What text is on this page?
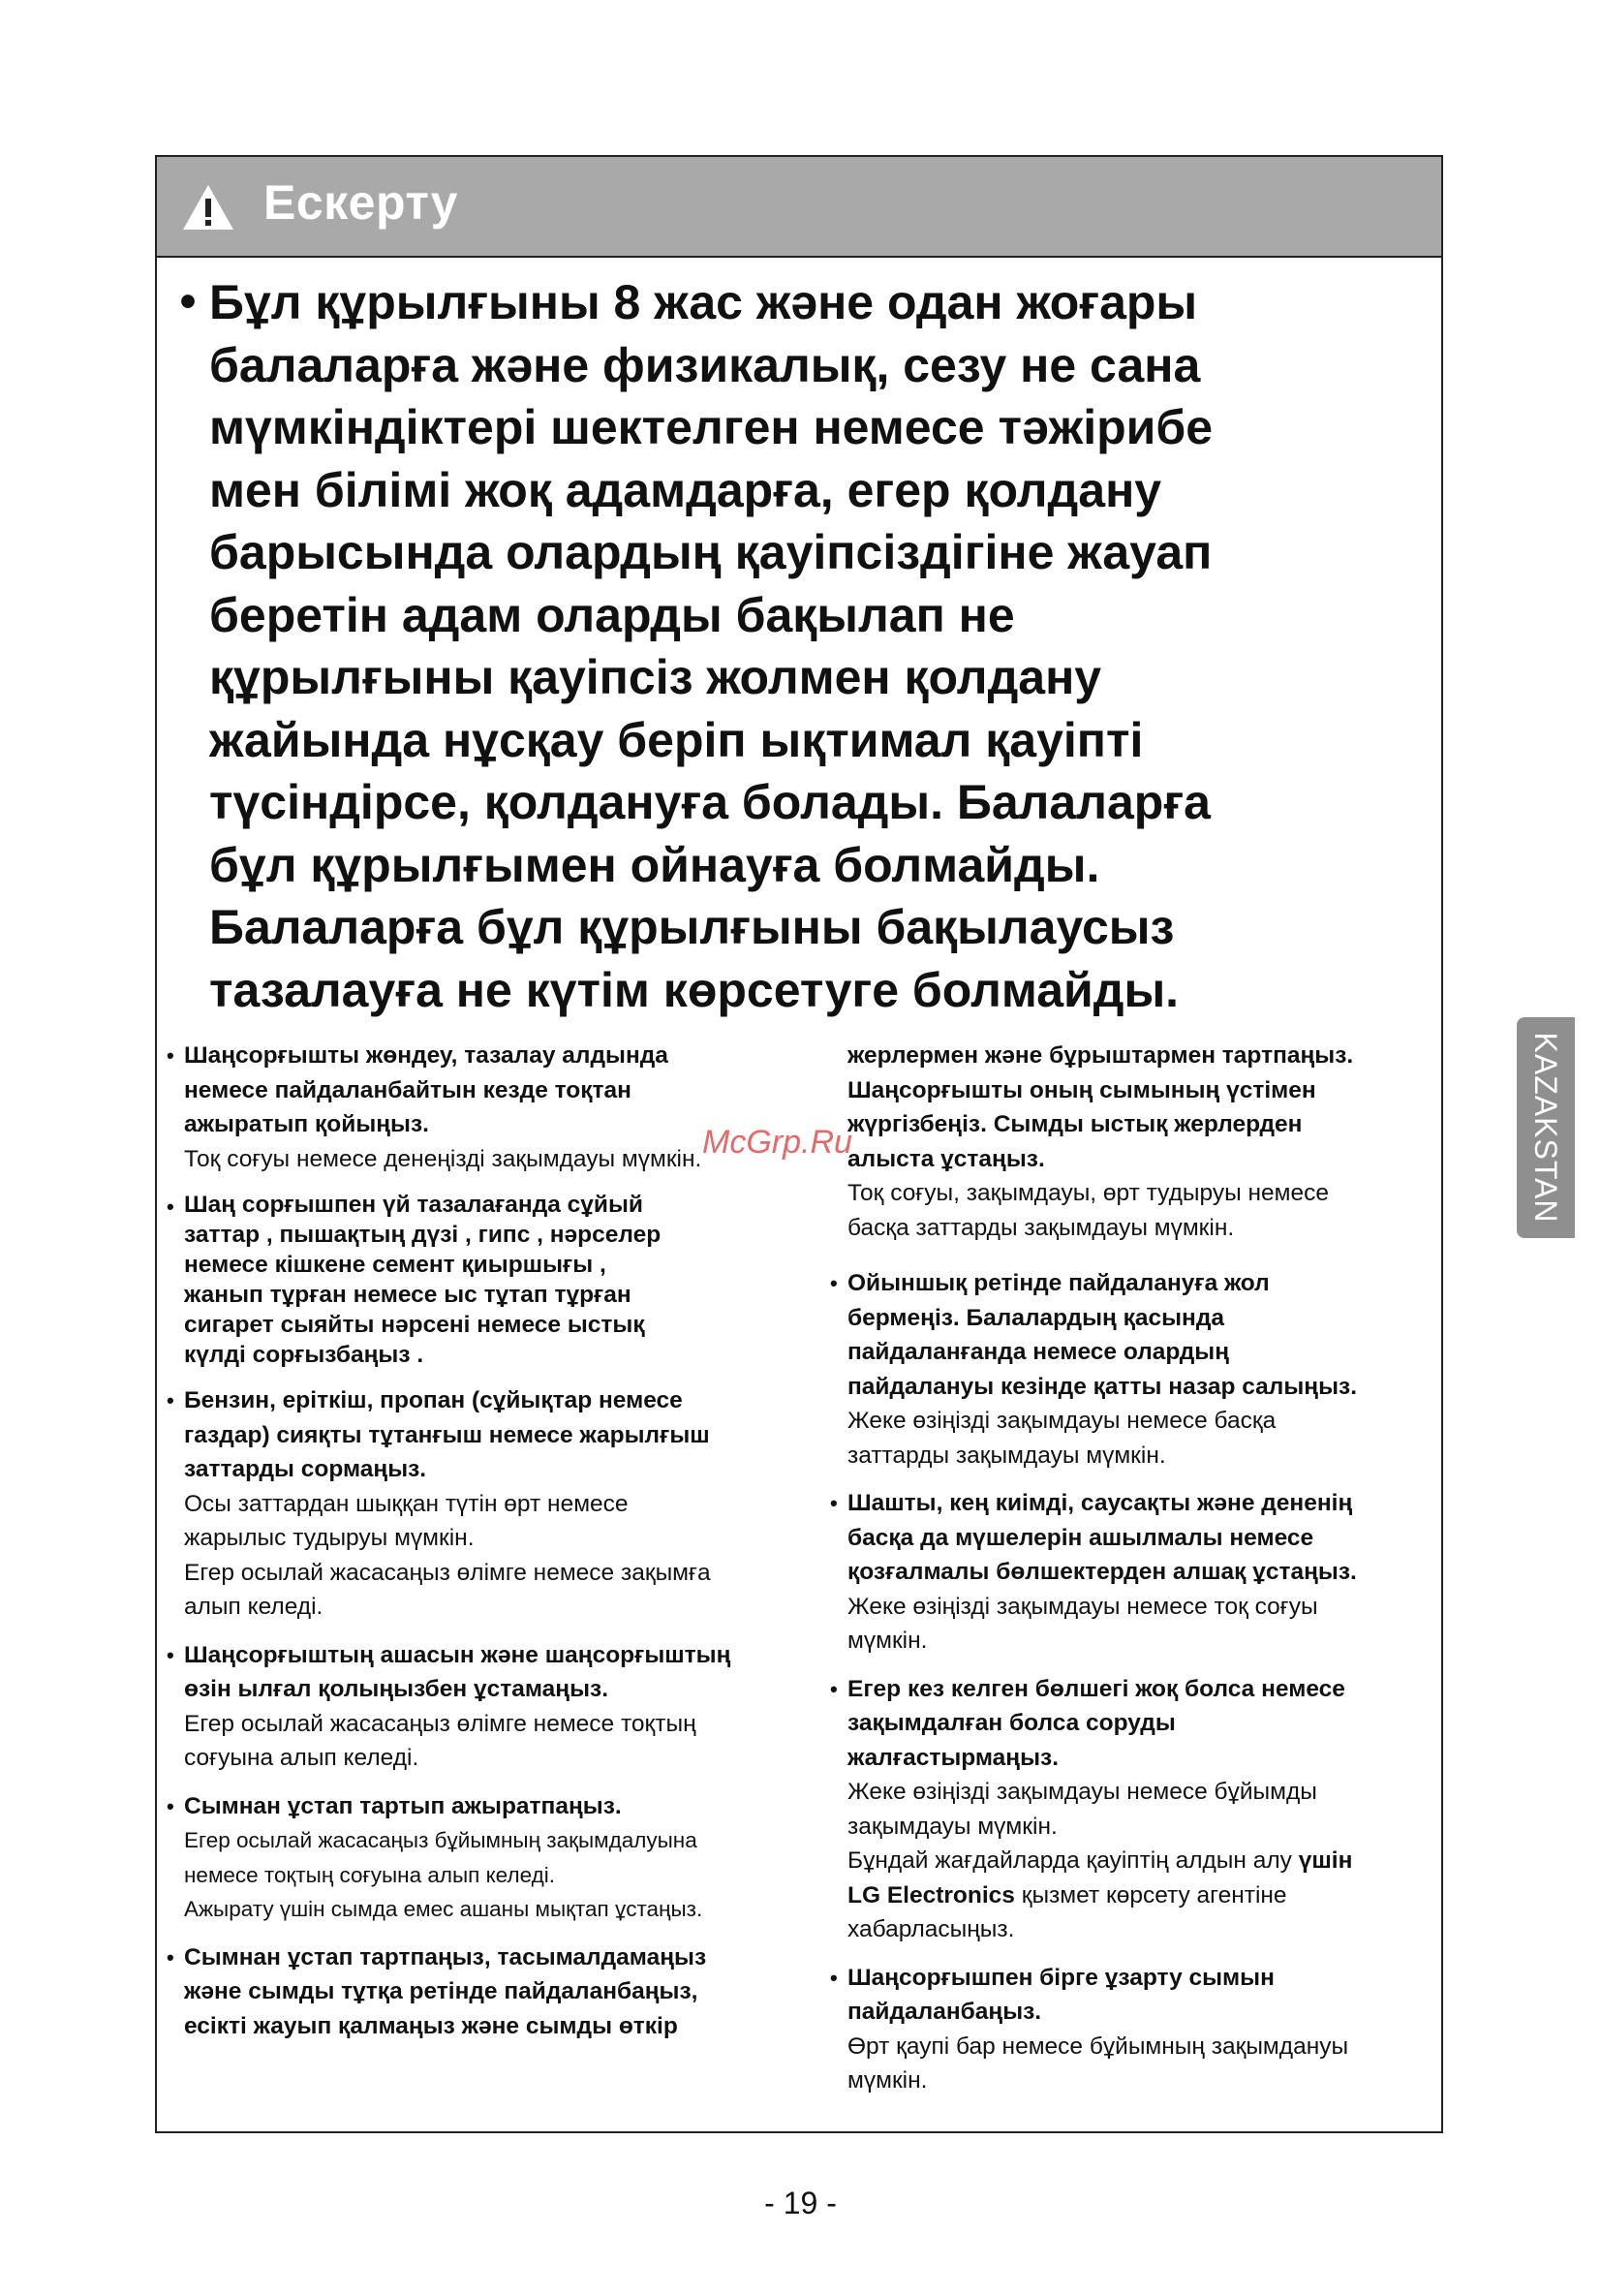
Ескерту
• Бұл құрылғыны 8 жас және одан жоғары
балаларға және физикалық, сезу не сана
мүмкіндіктері шектелген немесе тәжірибе
мен білімі жоқ адамдарға, егер қолдану
барысында олардың қауіпсіздігіне жауап
беретін адам оларды бақылап не
құрылғыны қауіпсіз жолмен қолдану
жайында нұсқау беріп ықтимал қауіпті
түсіндірсе, қолдануға болады. Балаларға
бұл құрылғымен ойнауға болмайды.
Балаларға бұл құрылғыны бақылаусыз
тазалауға не күтім көрсетуге болмайды.
• Шаңсорғышты жөндеу, тазалау алдында
немесе пайдаланбайтын кезде тоқтан
ажыратып қойыңыз.
Тоқ соғуы немесе денеңізді зақымдауы мүмкін.
• Шаң сорғышпен үй тазалағанда сұйый
заттар , пышақтың дүзі , гипс , нәрселер
немесе кішкене семент қиыршығы ,
жанып тұрған немесе ыс тұтап тұрған
сигарет сыяйты нәрсені немесе ыстық
күлді сорғызбаңыз .
• Бензин, еріткіш, пропан (сұйықтар немесе
газдар) сияқты тұтанғыш немесе жарылғыш
заттарды сормаңыз.
Осы заттардан шыққан түтін өрт немесе
жарылыс тудыруы мүмкін.
Егер осылай жасасаңыз өлімге немесе зақымға
алып келеді.
• Шаңсорғыштың ашасын және шаңсорғыштың
өзін ылғал қолыңызбен ұстамаңыз.
Егер осылай жасасаңыз өлімге немесе тоқтың
соғуына алып келеді.
• Сымнан ұстап тартып ажыратпаңыз.
Егер осылай жасасаңыз бұйымның зақымдалуына
немесе тоқтың соғуына алып келеді.
Ажырату үшін сымда емес ашаны мықтап ұстаңыз.
• Сымнан ұстап тартпаңыз, тасымалдамаңыз
және сымды тұтқа ретінде пайдаланбаңыз,
есікті жауып қалмаңыз және сымды өткір
жерлермен және бұрыштармен тартпаңыз.
Шаңсорғышты оның сымының үстімен
жүргізбеңіз. Сымды ыстық жерлерден
алыста ұстаңыз.
Тоқ соғуы, зақымдауы, өрт тудыруы немесе
басқа заттарды зақымдауы мүмкін.
• Ойыншық ретінде пайдалануға жол
бермеңіз. Балалардың қасында
пайдаланғанда немесе олардың
пайдалануы кезінде қатты назар салыңыз.
Жеке өзіңізді зақымдауы немесе басқа
заттарды зақымдауы мүмкін.
• Шашты, кең киімді, саусақты және дененің
басқа да мүшелерін ашылмалы немесе
қозғалмалы бөлшектерден алшақ ұстаңыз.
Жеке өзіңізді зақымдауы немесе тоқ соғуы
мүмкін.
• Егер кез келген бөлшегі жоқ болса немесе
зақымдалған болса соруды
жалғастырмаңыз.
Жеке өзіңізді зақымдауы немесе бұйымды
зақымдауы мүмкін.
Бұндай жағдайларда қауіптің алдын алу үшін
LG Electronics қызмет көрсету агентіне
хабарласыңыз.
• Шаңсорғышпен бірге ұзарту сымын
пайдаланбаңыз.
Өрт қаупі бар немесе бұйымның зақымдануы
мүмкін.
KAZAKSTAN
McGrp.Ru
- 19 -
